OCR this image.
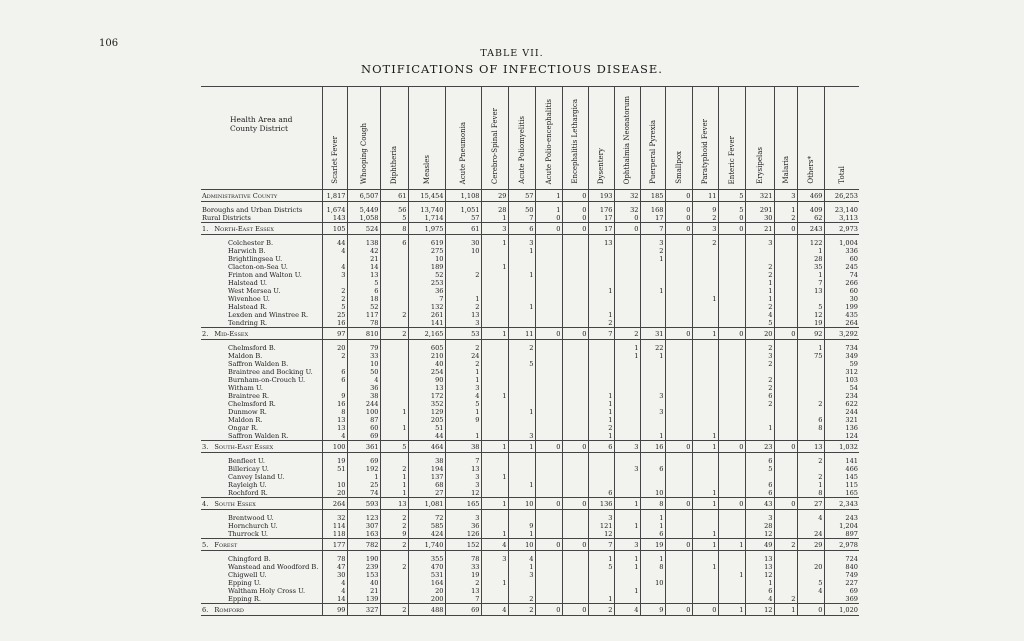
106
TABLE VII.
NOTIFICATIONS OF INFECTIOUS DISEASE.
Health Area and County District	Scarlet Fever	Whooping Cough	Diphtheria	Measles	Acute Pneumonia	Cerebro-Spinal Fever	Acute Poliomyelitis	Acute Polio-encephalitis	Encephalitis Lethargica	Dysentery	Ophthalmia Neonatorum	Puerperal Pyrexia	Smallpox	Paratyphoid Fever	Enteric Fever	Erysipelas	Malaria	Others*	Total
Administrative County	1,817	6,507	61	15,454	1,108	29	57	1	0	193	32	185	0	11	5	321	3	469	26,253

Boroughs and Urban Districts	1,674	5,449	56	13,740	1,051	28	50	1	0	176	32	168	0	9	5	291	1	409	23,140
Rural Districts	143	1,058	5	1,714	57	1	7	0	0	17	0	17	0	2	0	30	2	62	3,113
1. North-East Essex	105	524	8	1,975	61	3	6	0	0	17	0	7	0	3	0	21	0	243	2,973

Colchester B.	44	138	6	619	30	1	3			13		3		2		3		122	1,004
Harwich B.	4	42		275	10		1					2						1	336
Brightlingsea U.		21		10								1						28	60
Clacton-on-Sea U.	4	14		189		1										2		35	245
Frinton and Walton U.	3	13		52	2		1									2		1	74
Halstead U.		5		253												1		7	266
West Mersea U.	2	6		36						1		1				1		13	60
Wivenhoe U.	2	18		7	1									1		1			30
Halstead R.	5	52		132	2		1									2		5	199
Lexden and Winstree R.	25	117	2	261	13					1						4		12	435
Tendring R.	16	78		141	3					2						5		19	264
2. Mid-Essex	97	810	2	2,165	53	1	11	0	0	7	2	31	0	1	0	20	0	92	3,292

Chelmsford B.	20	79		605	2		2				1	22				2		1	734
Maldon B.	2	33		210	24						1	1				3		75	349
Saffron Walden B.		10		40	2		5									2			59
Braintree and Bocking U.	6	50		254	1														312
Burnham-on-Crouch U.	6	4		90	1											2			103
Witham U.		36		13	3											2			54
Braintree R.	9	38		172	4	1				1		3				6			234
Chelmsford R.	16	244		352	5					1						2		2	622
Dunmow R.	8	100	1	129	1		1			1		3							244
Maldon R.	13	87		205	9					1								6	321
Ongar R.	13	60	1	51						2						1		8	136
Saffron Walden R.	4	69		44	1		3			1		1		1					124
3. South-East Essex	100	361	5	464	38	1	1	0	0	6	3	16	0	1	0	23	0	13	1,032

Benfleet U.	19	69		38	7											6		2	141
Billericay U.	51	192	2	194	13						3	6				5			466
Canvey Island U.		1	1	137	3	1												2	145
Rayleigh U.	10	25	1	68	3		1									6		1	115
Rochford R.	20	74	1	27	12					6		10		1		6		8	165
4. South Essex	264	593	13	1,081	165	1	10	0	0	136	1	8	0	1	0	43	0	27	2,343

Brentwood U.	32	123	2	72	3					3		1				3		4	243
Hornchurch U.	114	307	2	585	36		9			121	1	1				28			1,204
Thurrock U.	118	163	9	424	126	1	1			12		6		1		12		24	897
5. Forest	177	782	2	1,740	152	4	10	0	0	7	3	19	0	1	1	49	2	29	2,978

Chingford B.	78	190		355	78	3	4			1	1	1				13			724
Wanstead and Woodford B.	47	239	2	470	33		1			5	1	8		1		13		20	840
Chigwell U.	30	153		531	19		3								1	12			749
Epping U.	4	40		164	2	1						10				1		5	227
Waltham Holy Cross U.	4	21		20	13						1					6		4	69
Epping R.	14	139		200	7		2			1						4	2		369
6. Romford	99	327	2	488	69	4	2	0	0	2	4	9	0	0	1	12	1	0	1,020
